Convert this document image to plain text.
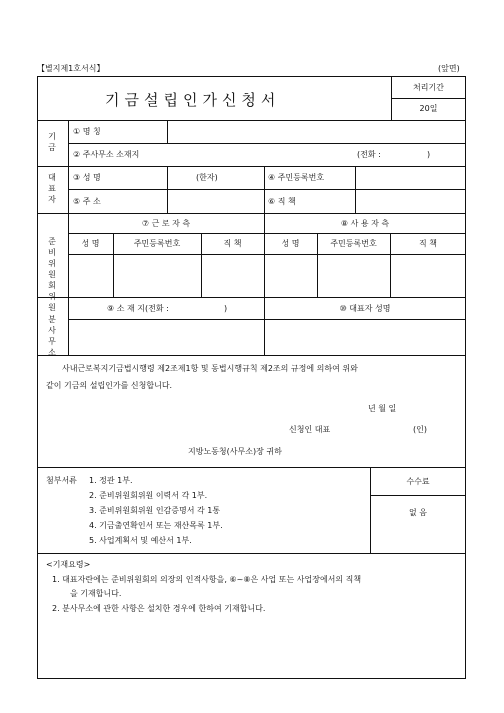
【별지제1호서식】	(앞면)
기금설립인가신청서
처리기간
20일
기금
① 명 칭
② 주사무소 소재지	(전화 :	)
대표자
③ 성 명	(한자)	④ 주민등록번호
⑤ 주 소	⑥ 직 책
준비위원회위원
⑦ 근 로 자 측	⑧ 사 용 자 측
성 명	주민등록번호	직 책	성 명	주민등록번호	직 책
분사무소
⑨ 소 재 지(전화 :	)	⑩ 대표자 성명
사내근로복지기금법시행령 제2조제1항 및 동법시행규칙 제2조의 규정에 의하여 위와
같이 기금의 설립인가를 신청합니다.
년 월 일
신청인 대표	(인)
지방노동청(사무소)장 귀하
첨부서류 1. 정관 1부.
2. 준비위원회위원 이력서 각 1부.
3. 준비위원회위원 인감증명서 각 1통
4. 기금출연확인서 또는 재산목록 1부.
5. 사업계획서 및 예산서 1부.
수수료
없 음
<기재요령>
1. 대표자란에는 준비위원회의 의장의 인적사항을, ⑥~⑧은 사업 또는 사업장에서의 직책
을 기재합니다.
2. 분사무소에 관한 사항은 설치한 경우에 한하여 기재합니다.
